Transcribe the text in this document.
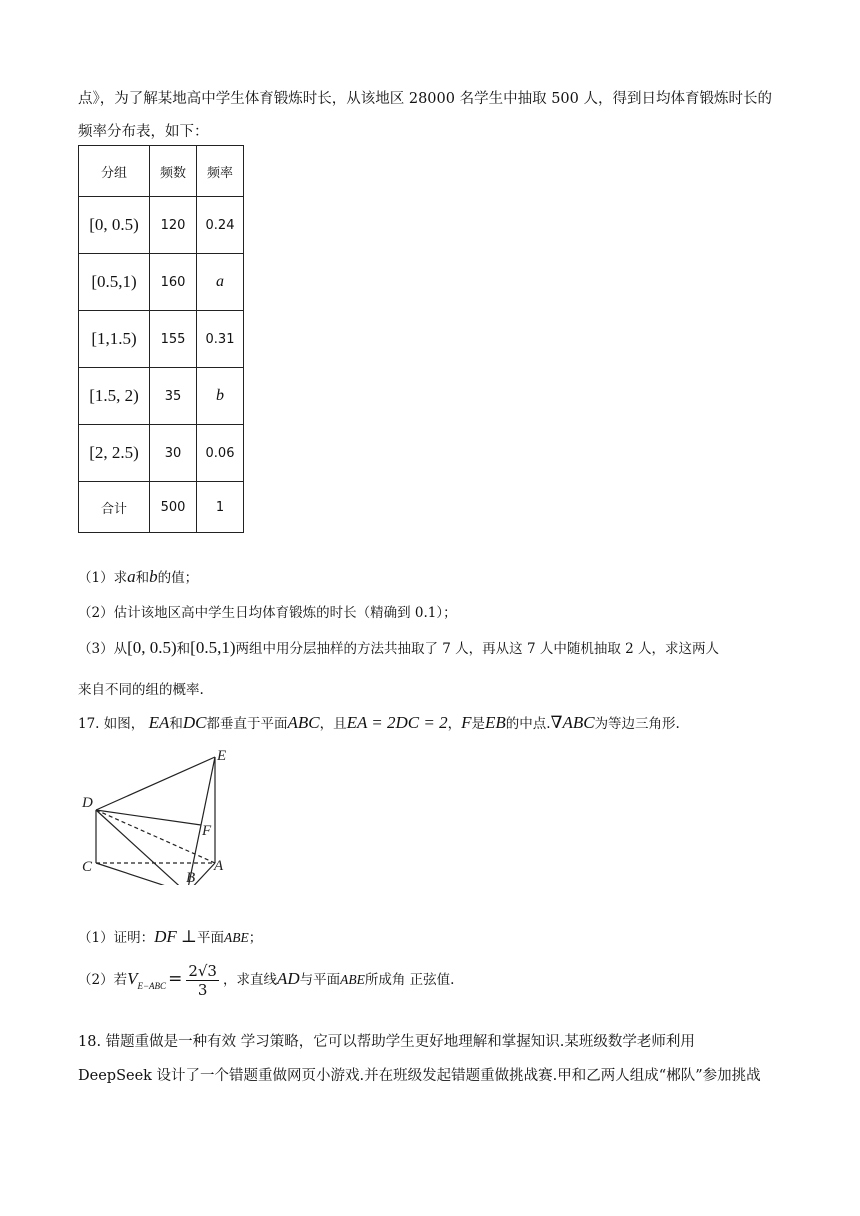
点》，为了解某地高中学生体育锻炼时长，从该地区 28000 名学生中抽取 500 人，得到日均体育锻炼时长的
频率分布表，如下：
分组	频数	频率
[0, 0.5)	120	0.24
[0.5,1)	160	a
[1,1.5)	155	0.31
[1.5, 2)	35	b
[2, 2.5)	30	0.06
合计	500	1
（1）求a和b的值；
（2）估计该地区高中学生日均体育锻炼的时长（精确到 0.1）；
（3）从[0, 0.5)和[0.5,1)两组中用分层抽样的方法共抽取了 7 人，再从这 7 人中随机抽取 2 人，求这两人
来自不同的组的概率.
17. 如图， EA和DC都垂直于平面ABC，且EA = 2DC = 2，F是EB的中点.∇ABC为等边三角形.
D
E
F
C	A
B
（1）证明：DF ⊥平面ABE；
（2）若$V_{E-ABC} = \frac{2√3}{3}$ ，求直线AD与平面ABE所成角 正弦值.
18. 错题重做是一种有效 学习策略，它可以帮助学生更好地理解和掌握知识.某班级数学老师利用
DeepSeek 设计了一个错题重做网页小游戏.并在班级发起错题重做挑战赛.甲和乙两人组成“郴队”参加挑战
